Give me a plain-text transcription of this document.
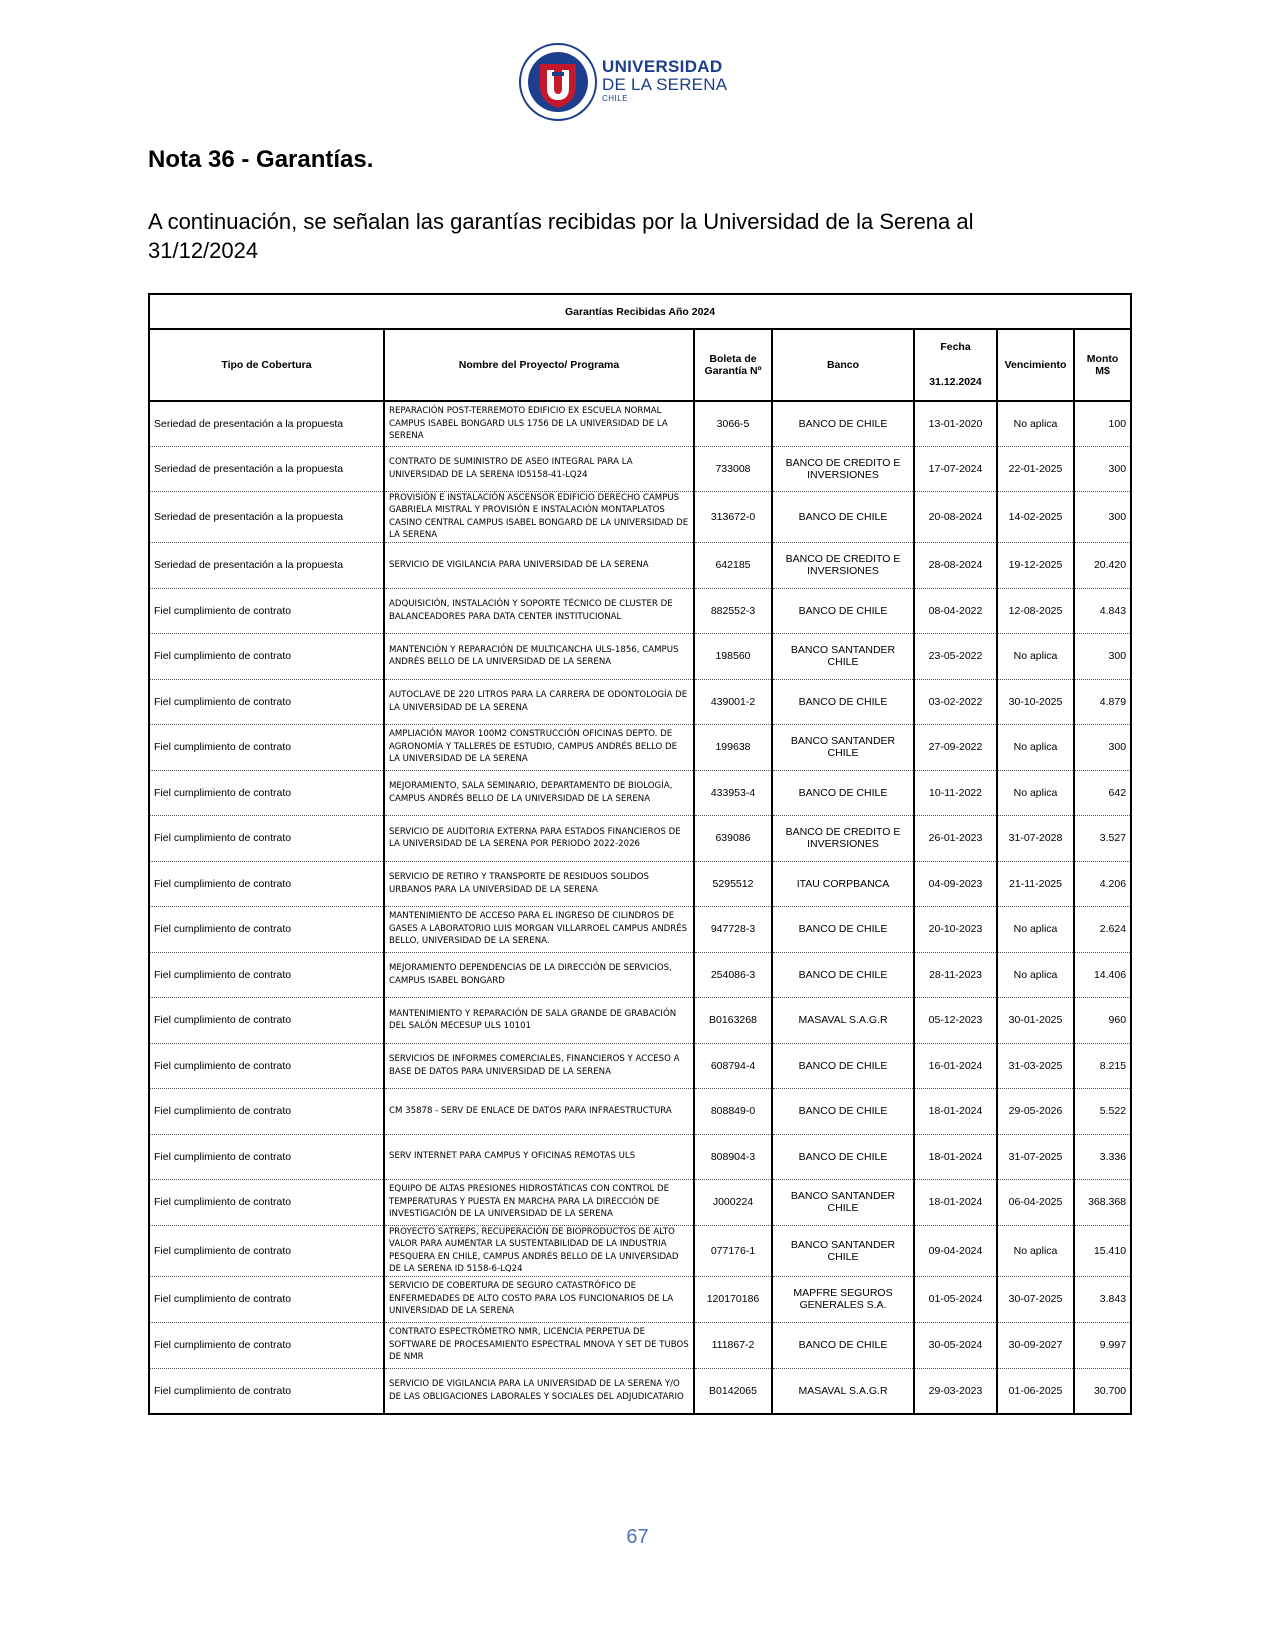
UNIVERSIDAD
DE LA SERENA
CHILE
Nota 36 - Garantías.

A continuación, se señalan las garantías recibidas por la Universidad de la Serena al 31/12/2024

Garantías Recibidas Año 2024						
Tipo de Cobertura	Nombre del Proyecto/ Programa	Boleta de Garantía Nº	Banco	Fecha	Vencimiento	Monto M$
				31.12.2024		
Seriedad de presentación a la propuesta	REPARACIÓN POST-TERREMOTO EDIFICIO EX ESCUELA NORMAL CAMPUS ISABEL BONGARD ULS 1756 DE LA UNIVERSIDAD DE LA SERENA	3066-5	BANCO DE CHILE	13-01-2020	No aplica	100
Seriedad de presentación a la propuesta	CONTRATO DE SUMINISTRO DE ASEO INTEGRAL PARA LA UNIVERSIDAD DE LA SERENA ID5158-41-LQ24	733008	BANCO DE CREDITO E INVERSIONES	17-07-2024	22-01-2025	300
Seriedad de presentación a la propuesta	PROVISIÓN E INSTALACIÓN ASCENSOR EDIFICIO DERECHO CAMPUS GABRIELA MISTRAL Y PROVISIÓN E INSTALACIÓN MONTAPLATOS CASINO CENTRAL CAMPUS ISABEL BONGARD DE LA UNIVERSIDAD DE LA SERENA	313672-0	BANCO DE CHILE	20-08-2024	14-02-2025	300
Seriedad de presentación a la propuesta	SERVICIO DE VIGILANCIA PARA UNIVERSIDAD DE LA SERENA	642185	BANCO DE CREDITO E INVERSIONES	28-08-2024	19-12-2025	20.420
Fiel cumplimiento de contrato	ADQUISICIÓN, INSTALACIÓN Y SOPORTE TÉCNICO DE CLUSTER DE BALANCEADORES PARA DATA CENTER INSTITUCIONAL	882552-3	BANCO DE CHILE	08-04-2022	12-08-2025	4.843
Fiel cumplimiento de contrato	MANTENCIÓN Y REPARACIÓN DE MULTICANCHA ULS-1856, CAMPUS ANDRÉS BELLO DE LA UNIVERSIDAD DE LA SERENA	198560	BANCO SANTANDER CHILE	23-05-2022	No aplica	300
Fiel cumplimiento de contrato	AUTOCLAVE DE 220 LITROS PARA LA CARRERA DE ODONTOLOGÍA DE LA UNIVERSIDAD DE LA SERENA	439001-2	BANCO DE CHILE	03-02-2022	30-10-2025	4.879
Fiel cumplimiento de contrato	AMPLIACIÓN MAYOR 100M2 CONSTRUCCIÓN OFICINAS DEPTO. DE AGRONOMÍA Y TALLERES DE ESTUDIO, CAMPUS ANDRÉS BELLO DE LA UNIVERSIDAD DE LA SERENA	199638	BANCO SANTANDER CHILE	27-09-2022	No aplica	300
Fiel cumplimiento de contrato	MEJORAMIENTO, SALA SEMINARIO, DEPARTAMENTO DE BIOLOGÍA, CAMPUS ANDRÉS BELLO DE LA UNIVERSIDAD DE LA SERENA	433953-4	BANCO DE CHILE	10-11-2022	No aplica	642
Fiel cumplimiento de contrato	SERVICIO DE AUDITORIA EXTERNA PARA ESTADOS FINANCIEROS DE LA UNIVERSIDAD DE LA SERENA POR PERIODO 2022-2026	639086	BANCO DE CREDITO E INVERSIONES	26-01-2023	31-07-2028	3.527
Fiel cumplimiento de contrato	SERVICIO DE RETIRO Y TRANSPORTE DE RESIDUOS SOLIDOS URBANOS PARA LA UNIVERSIDAD DE LA SERENA	5295512	ITAU CORPBANCA	04-09-2023	21-11-2025	4.206
Fiel cumplimiento de contrato	MANTENIMIENTO DE ACCESO PARA EL INGRESO DE CILINDROS DE GASES A LABORATORIO LUIS MORGAN VILLARROEL CAMPUS ANDRÉS BELLO, UNIVERSIDAD DE LA SERENA.	947728-3	BANCO DE CHILE	20-10-2023	No aplica	2.624
Fiel cumplimiento de contrato	MEJORAMIENTO DEPENDENCIAS DE LA DIRECCIÓN DE SERVICIOS, CAMPUS ISABEL BONGARD	254086-3	BANCO DE CHILE	28-11-2023	No aplica	14.406
Fiel cumplimiento de contrato	MANTENIMIENTO Y REPARACIÓN DE SALA GRANDE DE GRABACIÓN DEL SALÓN MECESUP ULS 10101	B0163268	MASAVAL S.A.G.R	05-12-2023	30-01-2025	960
Fiel cumplimiento de contrato	SERVICIOS DE INFORMES COMERCIALES, FINANCIEROS Y ACCESO A BASE DE DATOS PARA UNIVERSIDAD DE LA SERENA	608794-4	BANCO DE CHILE	16-01-2024	31-03-2025	8.215
Fiel cumplimiento de contrato	CM 35878 - SERV DE ENLACE DE DATOS PARA INFRAESTRUCTURA	808849-0	BANCO DE CHILE	18-01-2024	29-05-2026	5.522
Fiel cumplimiento de contrato	SERV INTERNET PARA CAMPUS Y OFICINAS REMOTAS ULS	808904-3	BANCO DE CHILE	18-01-2024	31-07-2025	3.336
Fiel cumplimiento de contrato	EQUIPO DE ALTAS PRESIONES HIDROSTÁTICAS CON CONTROL DE TEMPERATURAS Y PUESTA EN MARCHA PARA LA DIRECCIÓN DE INVESTIGACIÓN DE LA UNIVERSIDAD DE LA SERENA	J000224	BANCO SANTANDER CHILE	18-01-2024	06-04-2025	368.368
Fiel cumplimiento de contrato	PROYECTO SATREPS, RECUPERACIÓN DE BIOPRODUCTOS DE ALTO VALOR PARA AUMENTAR LA SUSTENTABILIDAD DE LA INDUSTRIA PESQUERA EN CHILE, CAMPUS ANDRÉS BELLO DE LA UNIVERSIDAD DE LA SERENA ID 5158-6-LQ24	077176-1	BANCO SANTANDER CHILE	09-04-2024	No aplica	15.410
Fiel cumplimiento de contrato	SERVICIO DE COBERTURA DE SEGURO CATASTRÓFICO DE ENFERMEDADES DE ALTO COSTO PARA LOS FUNCIONARIOS DE LA UNIVERSIDAD DE LA SERENA	120170186	MAPFRE SEGUROS GENERALES S.A.	01-05-2024	30-07-2025	3.843
Fiel cumplimiento de contrato	CONTRATO ESPECTRÓMETRO NMR, LICENCIA PERPETUA DE SOFTWARE DE PROCESAMIENTO ESPECTRAL MNOVA Y SET DE TUBOS DE NMR	111867-2	BANCO DE CHILE	30-05-2024	30-09-2027	9.997
Fiel cumplimiento de contrato	SERVICIO DE VIGILANCIA PARA LA UNIVERSIDAD DE LA SERENA Y/O DE LAS OBLIGACIONES LABORALES Y SOCIALES DEL ADJUDICATARIO	B0142065	MASAVAL S.A.G.R	29-03-2023	01-06-2025	30.700
67
